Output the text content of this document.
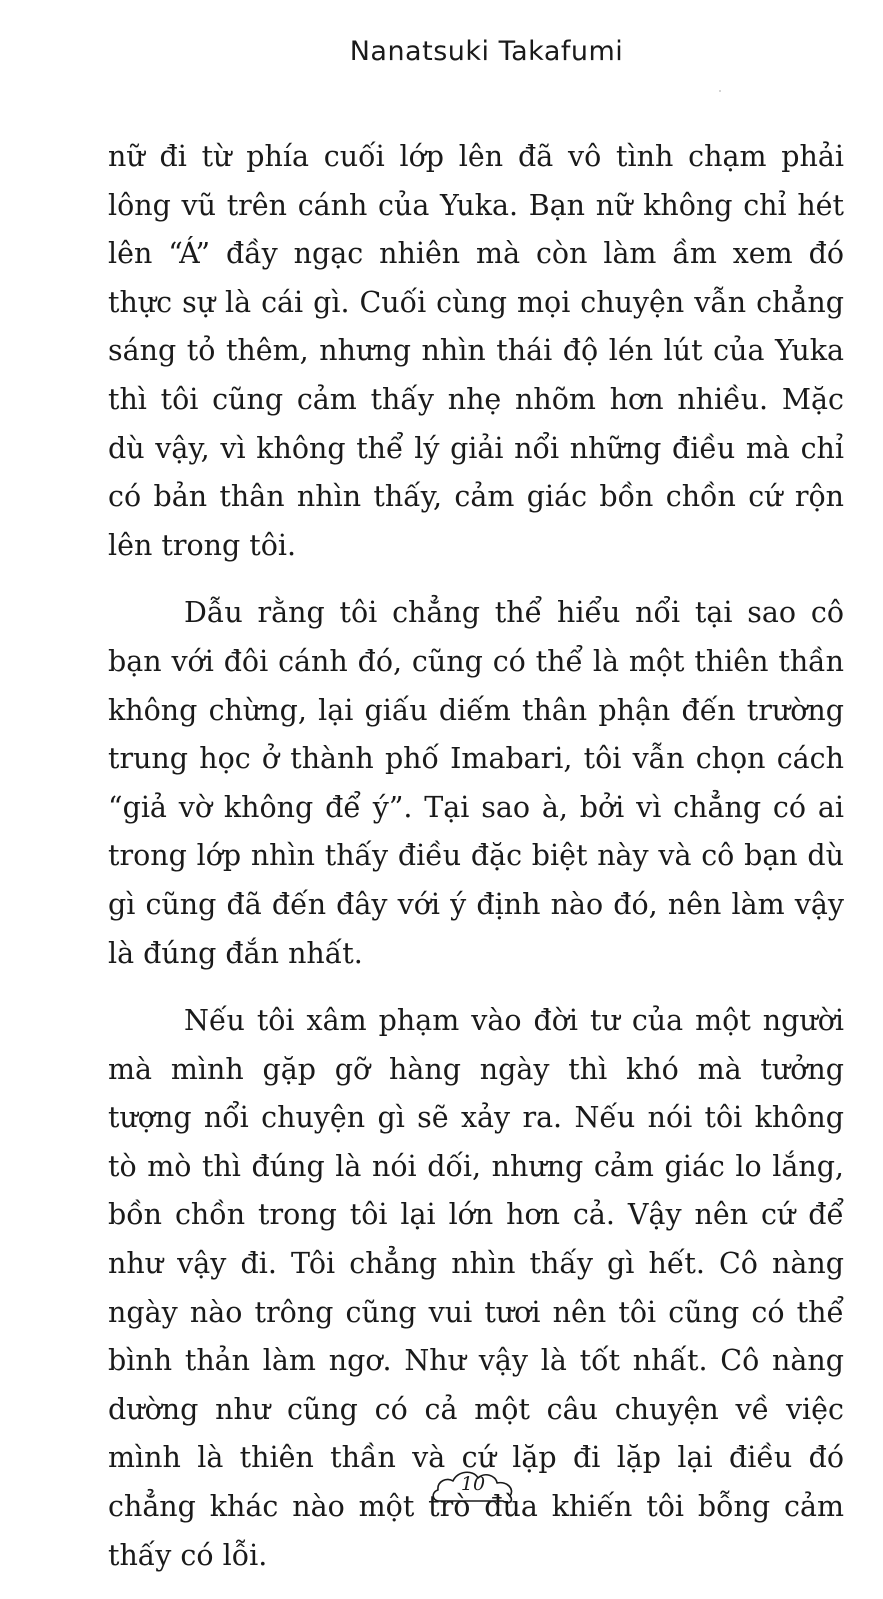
Nanatsuki Takafumi

nữ đi từ phía cuối lớp lên đã vô tình chạm phải lông vũ trên cánh của Yuka. Bạn nữ không chỉ hét lên “Á” đầy ngạc nhiên mà còn làm ầm xem đó thực sự là cái gì. Cuối cùng mọi chuyện vẫn chẳng sáng tỏ thêm, nhưng nhìn thái độ lén lút của Yuka thì tôi cũng cảm thấy nhẹ nhõm hơn nhiều. Mặc dù vậy, vì không thể lý giải nổi những điều mà chỉ có bản thân nhìn thấy, cảm giác bồn chồn cứ rộn lên trong tôi.

Dẫu rằng tôi chẳng thể hiểu nổi tại sao cô bạn với đôi cánh đó, cũng có thể là một thiên thần không chừng, lại giấu diếm thân phận đến trường trung học ở thành phố Imabari, tôi vẫn chọn cách “giả vờ không để ý”. Tại sao à, bởi vì chẳng có ai trong lớp nhìn thấy điều đặc biệt này và cô bạn dù gì cũng đã đến đây với ý định nào đó, nên làm vậy là đúng đắn nhất.

Nếu tôi xâm phạm vào đời tư của một người mà mình gặp gỡ hàng ngày thì khó mà tưởng tượng nổi chuyện gì sẽ xảy ra. Nếu nói tôi không tò mò thì đúng là nói dối, nhưng cảm giác lo lắng, bồn chồn trong tôi lại lớn hơn cả. Vậy nên cứ để như vậy đi. Tôi chẳng nhìn thấy gì hết. Cô nàng ngày nào trông cũng vui tươi nên tôi cũng có thể bình thản làm ngơ. Như vậy là tốt nhất. Cô nàng dường như cũng có cả một câu chuyện về việc mình là thiên thần và cứ lặp đi lặp lại điều đó chẳng khác nào một trò đùa khiến tôi bỗng cảm thấy có lỗi.

10
